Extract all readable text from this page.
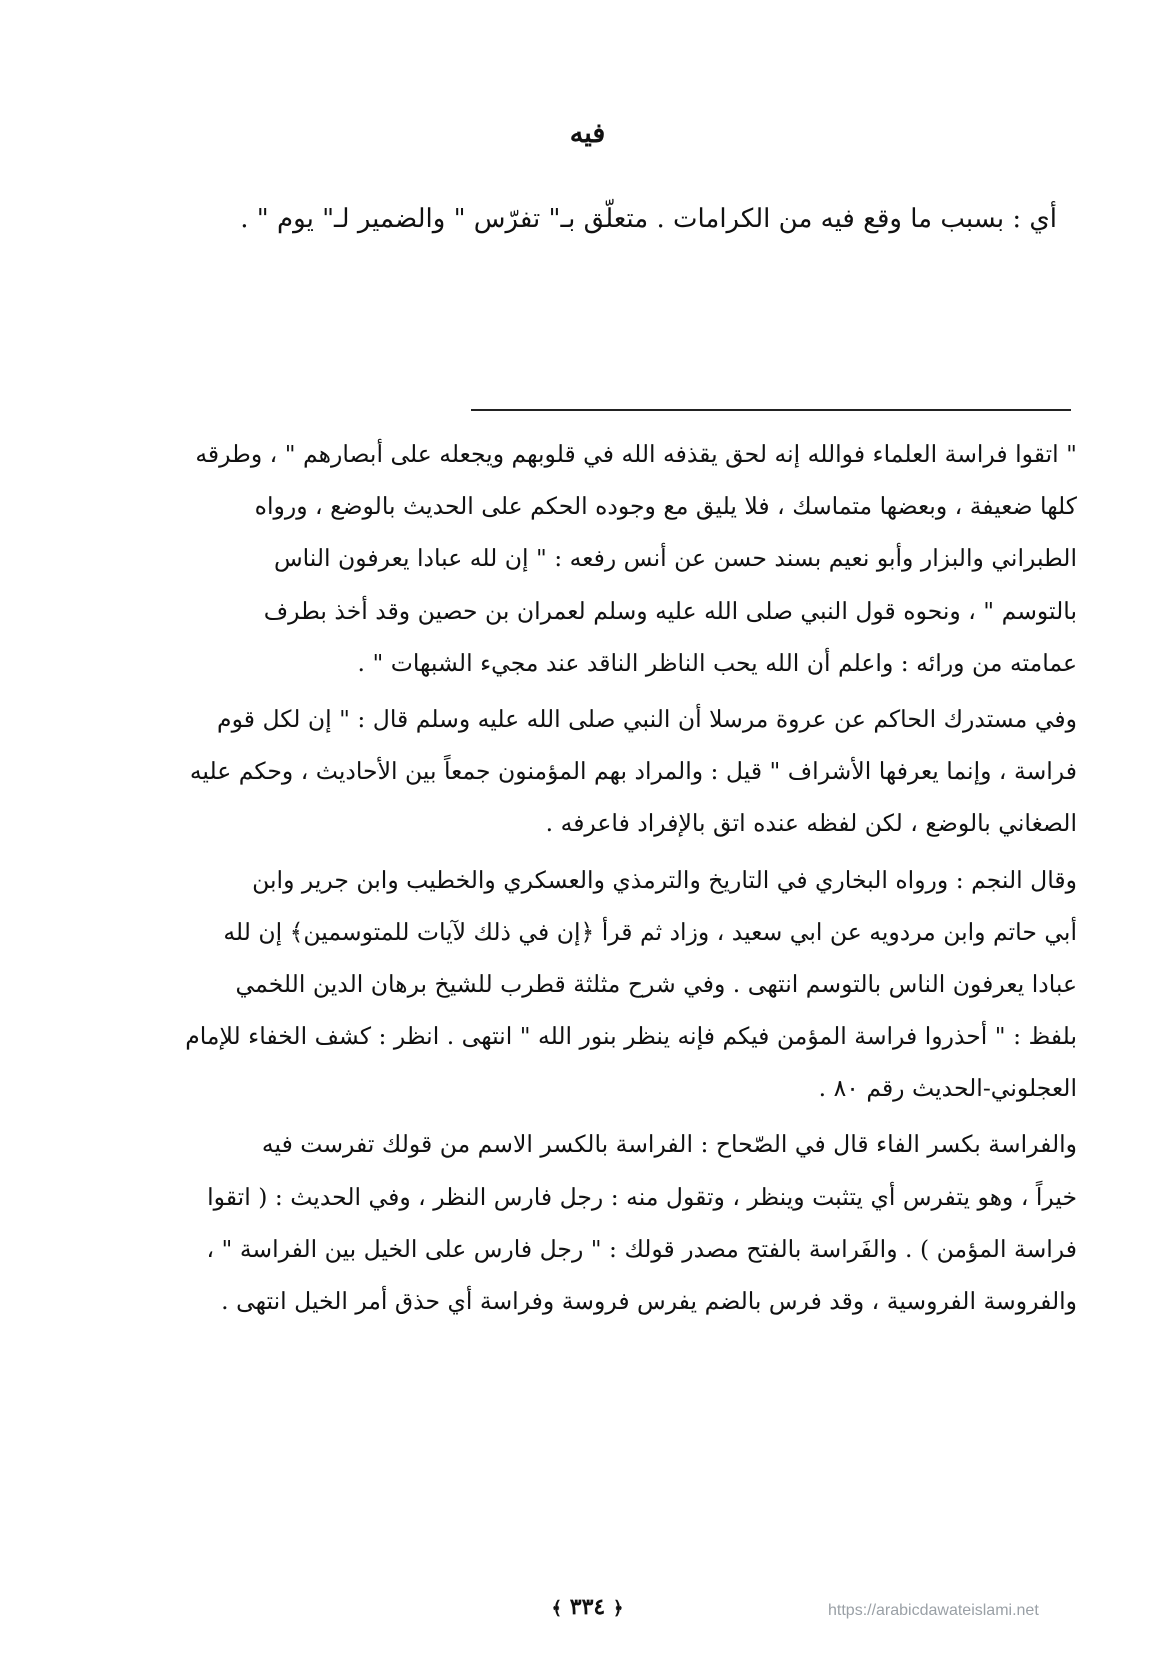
فيه
أي : بسبب ما وقع فيه من الكرامات . متعلّق بـ" تفرّس " والضمير لـ" يوم " .
" اتقوا فراسة العلماء فوالله إنه لحق يقذفه الله في قلوبهم ويجعله على أبصارهم " ، وطرقه
كلها ضعيفة ، وبعضها متماسك ، فلا يليق مع وجوده الحكم على الحديث بالوضع ، ورواه
الطبراني والبزار وأبو نعيم بسند حسن عن أنس رفعه : " إن لله عبادا يعرفون الناس
بالتوسم " ، ونحوه قول النبي صلى الله عليه وسلم لعمران بن حصين وقد أخذ بطرف
عمامته من ورائه : واعلم أن الله يحب الناظر الناقد عند مجيء الشبهات " .
وفي مستدرك الحاكم عن عروة مرسلا أن النبي صلى الله عليه وسلم قال : " إن لكل قوم
فراسة ، وإنما يعرفها الأشراف " قيل : والمراد بهم المؤمنون جمعاً بين الأحاديث ، وحكم عليه
الصغاني بالوضع ، لكن لفظه عنده اتق بالإفراد فاعرفه .
وقال النجم : ورواه البخاري في التاريخ والترمذي والعسكري والخطيب وابن جرير وابن
أبي حاتم وابن مردويه عن ابي سعيد ، وزاد ثم قرأ ﴿إن في ذلك لآيات للمتوسمين﴾ إن لله
عبادا يعرفون الناس بالتوسم انتهى . وفي شرح مثلثة قطرب للشيخ برهان الدين اللخمي
بلفظ : " أحذروا فراسة المؤمن فيكم فإنه ينظر بنور الله " انتهى . انظر : كشف الخفاء للإمام
العجلوني-الحديث رقم ٨٠ .
والفراسة بكسر الفاء قال في الصّحاح : الفراسة بالكسر الاسم من قولك تفرست فيه
خيراً ، وهو يتفرس أي يتثبت وينظر ، وتقول منه : رجل فارس النظر ، وفي الحديث : ( اتقوا
فراسة المؤمن ) . والفَراسة بالفتح مصدر قولك : " رجل فارس على الخيل بين الفراسة " ،
والفروسة الفروسية ، وقد فرس بالضم يفرس فروسة وفراسة أي حذق أمر الخيل انتهى .
﴾ ٣٣٤ ﴿	https://arabicdawateislami.net
